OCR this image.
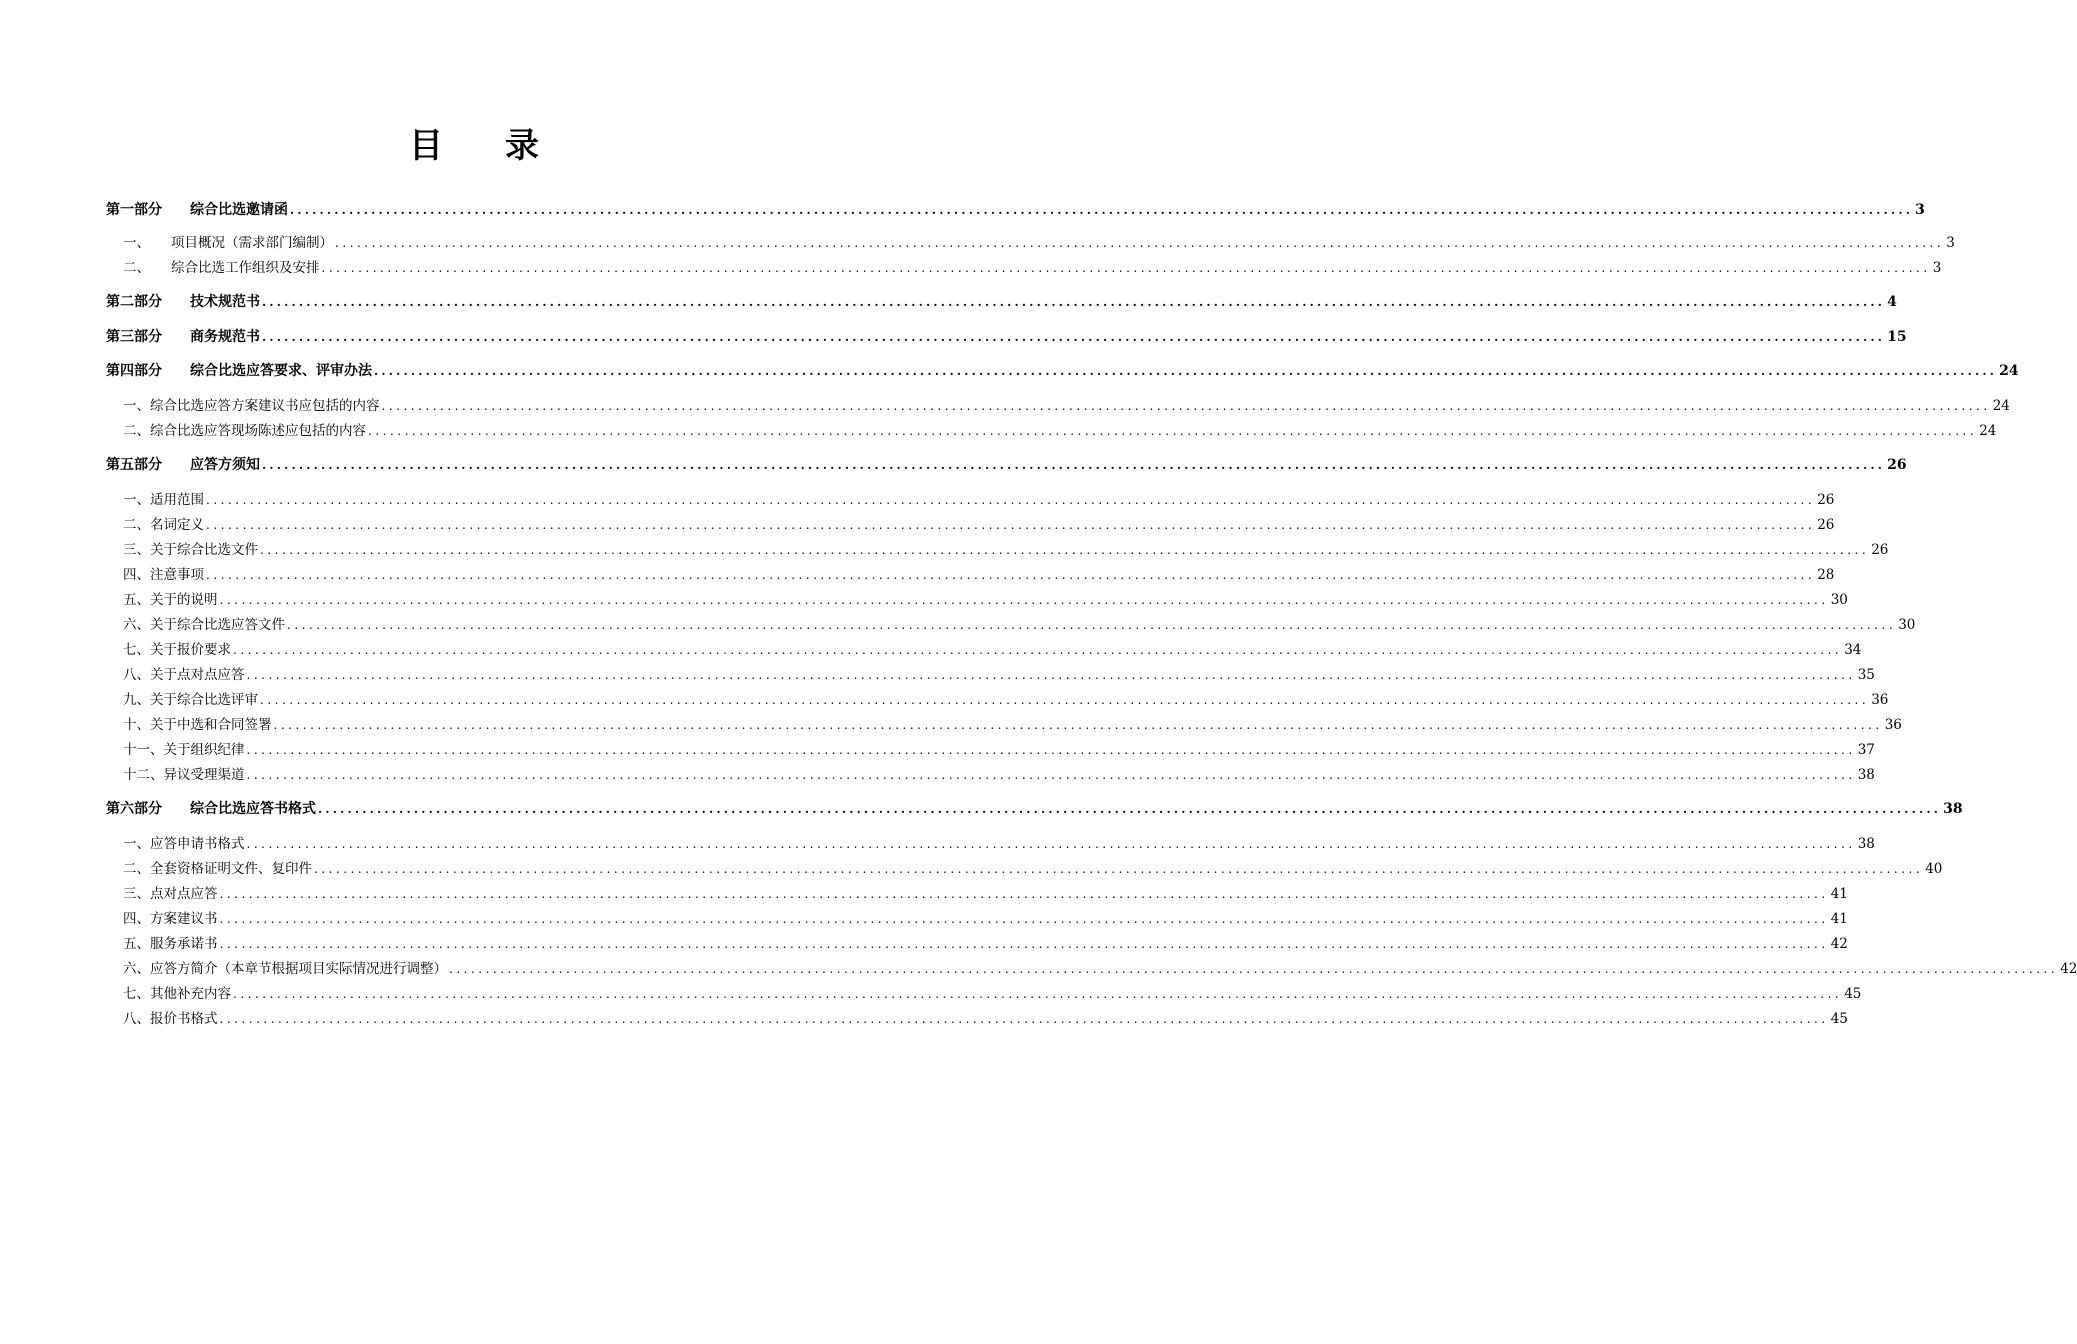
目 录
第一部分 综合比选邀请函 ............................................................................................................................................................................................................................ 3
一、 项目概况（需求部门编制） ............................................................................................................................................................................................................................ 3
二、 综合比选工作组织及安排 ............................................................................................................................................................................................................................ 3
第二部分 技术规范书 ............................................................................................................................................................................................................................ 4
第三部分 商务规范书 ............................................................................................................................................................................................................................ 15
第四部分 综合比选应答要求、评审办法 ............................................................................................................................................................................................................................ 24
一、综合比选应答方案建议书应包括的内容 ............................................................................................................................................................................................................................ 24
二、综合比选应答现场陈述应包括的内容 ............................................................................................................................................................................................................................ 24
第五部分 应答方须知 ............................................................................................................................................................................................................................ 26
一、适用范围 ............................................................................................................................................................................................................................ 26
二、名词定义 ............................................................................................................................................................................................................................ 26
三、关于综合比选文件 ............................................................................................................................................................................................................................ 26
四、注意事项 ............................................................................................................................................................................................................................ 28
五、关于的说明 ............................................................................................................................................................................................................................ 30
六、关于综合比选应答文件 ............................................................................................................................................................................................................................ 30
七、关于报价要求 ............................................................................................................................................................................................................................ 34
八、关于点对点应答 ............................................................................................................................................................................................................................ 35
九、关于综合比选评审 ............................................................................................................................................................................................................................ 36
十、关于中选和合同签署 ............................................................................................................................................................................................................................ 36
十一、关于组织纪律 ............................................................................................................................................................................................................................ 37
十二、异议受理渠道 ............................................................................................................................................................................................................................ 38
第六部分 综合比选应答书格式 ............................................................................................................................................................................................................................ 38
一、应答申请书格式 ............................................................................................................................................................................................................................ 38
二、全套资格证明文件、复印件 ............................................................................................................................................................................................................................ 40
三、点对点应答 ............................................................................................................................................................................................................................ 41
四、方案建议书 ............................................................................................................................................................................................................................ 41
五、服务承诺书 ............................................................................................................................................................................................................................ 42
六、应答方简介（本章节根据项目实际情况进行调整） ............................................................................................................................................................................................................................ 42
七、其他补充内容 ............................................................................................................................................................................................................................ 45
八、报价书格式 ............................................................................................................................................................................................................................ 45
